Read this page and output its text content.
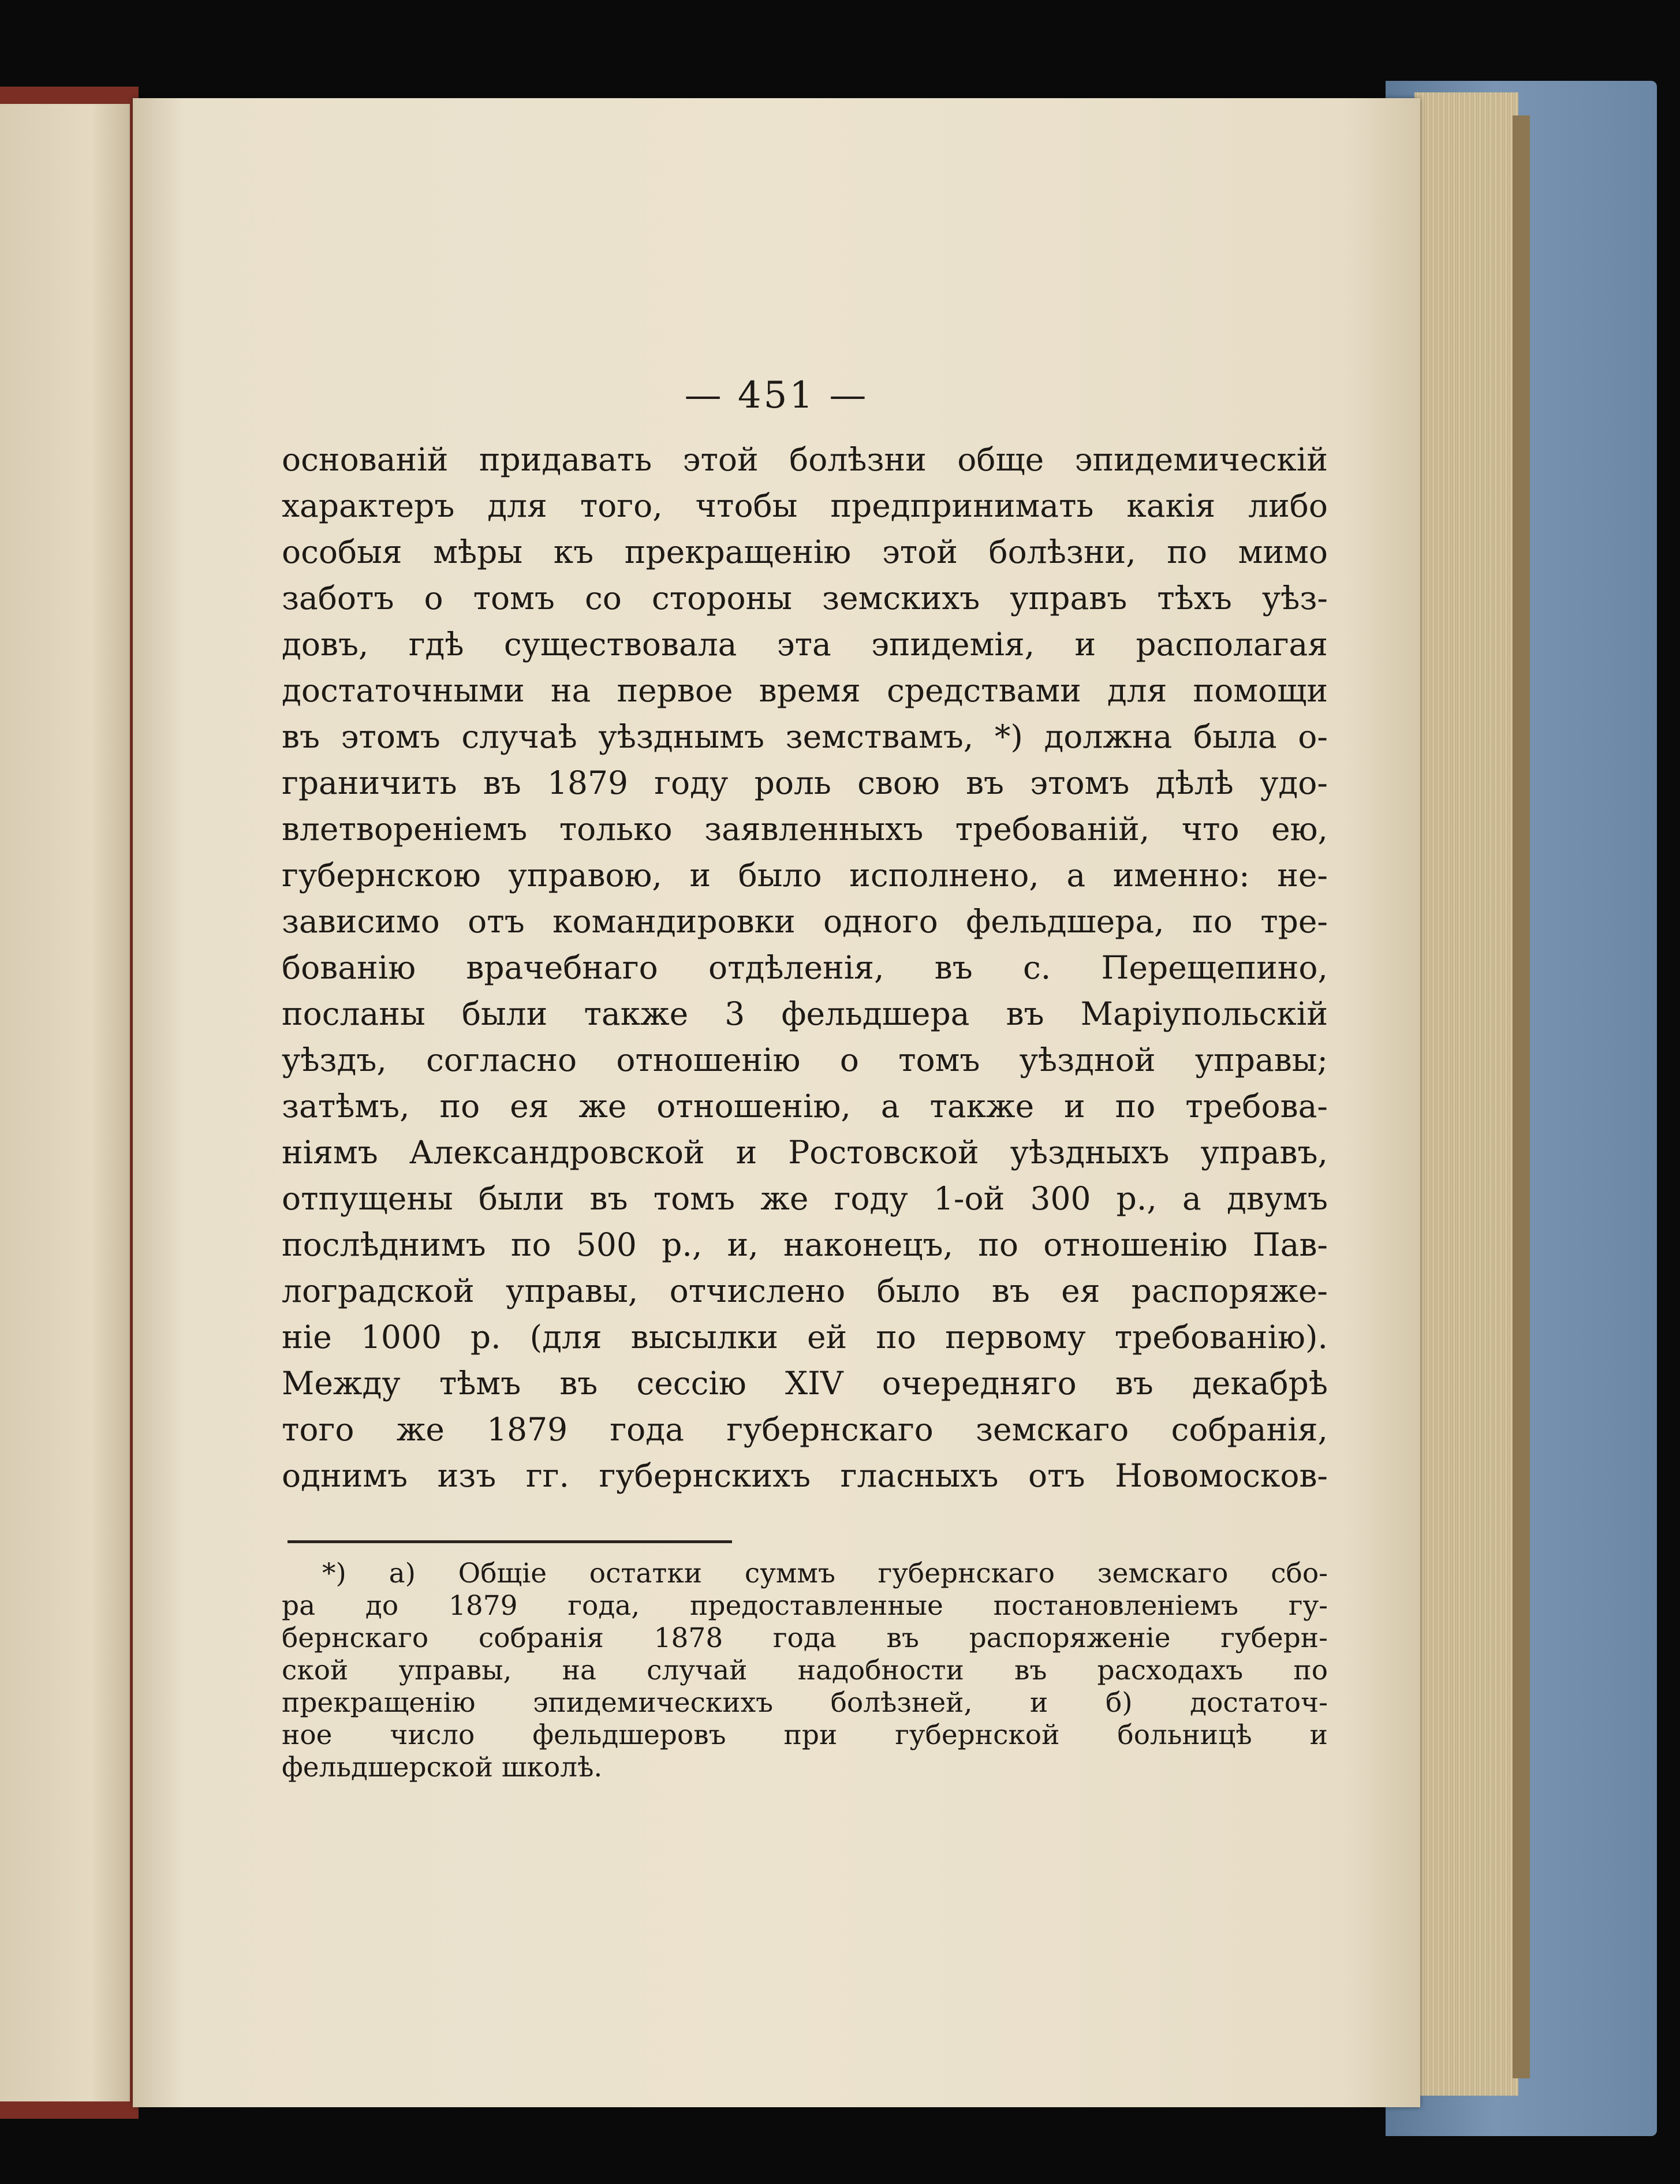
— 451 —
основаній придавать этой болѣзни обще эпидемическій
характеръ для того, чтобы предпринимать какія либо
особыя мѣры къ прекращенію этой болѣзни, по мимо
заботъ о томъ со стороны земскихъ управъ тѣхъ уѣз-
довъ, гдѣ существовала эта эпидемія, и располагая
достаточными на первое время средствами для помощи
въ этомъ случаѣ уѣзднымъ земствамъ, *) должна была о-
граничить въ 1879 году роль свою въ этомъ дѣлѣ удо-
влетвореніемъ только заявленныхъ требованій, что ею,
губернскою управою, и было исполнено, а именно: не-
зависимо отъ командировки одного фельдшера, по тре-
бованію врачебнаго отдѣленія, въ с. Перещепино,
посланы были также 3 фельдшера въ Маріупольскій
уѣздъ, согласно отношенію о томъ уѣздной управы;
затѣмъ, по ея же отношенію, а также и по требова-
ніямъ Александровской и Ростовской уѣздныхъ управъ,
отпущены были въ томъ же году 1-ой 300 р., а двумъ
послѣднимъ по 500 р., и, наконецъ, по отношенію Пав-
лоградской управы, отчислено было въ ея распоряже-
ніе 1000 р. (для высылки ей по первому требованію).
Между тѣмъ въ сессію XIV очередняго въ декабрѣ
того же 1879 года губернскаго земскаго собранія,
однимъ изъ гг. губернскихъ гласныхъ отъ Новомосков-
*) а) Общіе остатки суммъ губернскаго земскаго сбо-
ра до 1879 года, предоставленные постановленіемъ гу-
бернскаго собранія 1878 года въ распоряженіе губерн-
ской управы, на случай надобности въ расходахъ по
прекращенію эпидемическихъ болѣзней, и б) достаточ-
ное число фельдшеровъ при губернской больницѣ и
фельдшерской школѣ.
